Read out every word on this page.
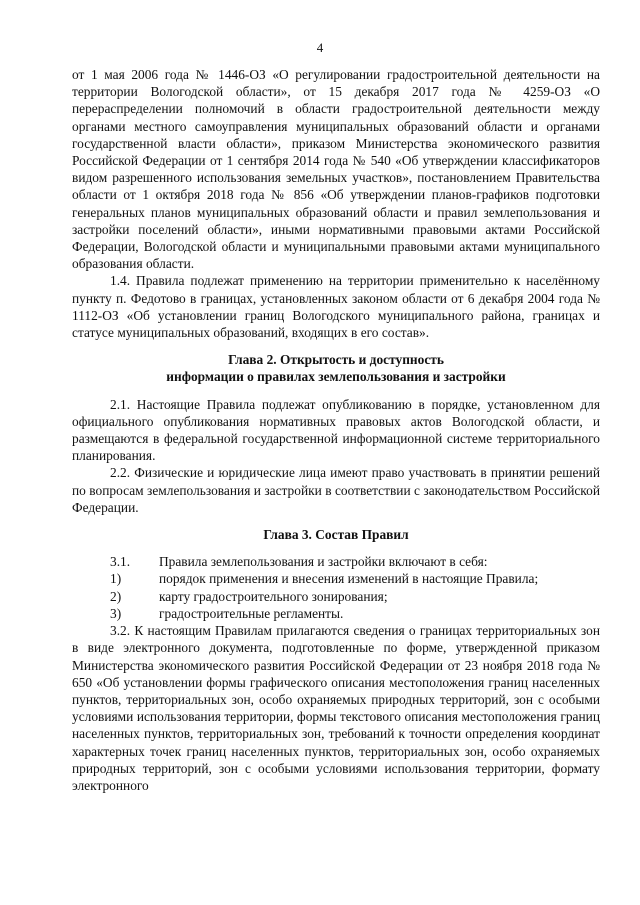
4

от 1 мая 2006 года № 1446-ОЗ «О регулировании градостроительной деятельности на территории Вологодской области», от 15 декабря 2017 года № 4259-ОЗ «О перераспределении полномочий в области градостроительной деятельности между органами местного самоуправления муниципальных образований области и органами государственной власти области», приказом Министерства экономического развития Российской Федерации от 1 сентября 2014 года № 540 «Об утверждении классификаторов видом разрешенного использования земельных участков», постановлением Правительства области от 1 октября 2018 года № 856 «Об утверждении планов-графиков подготовки генеральных планов муниципальных образований области и правил землепользования и застройки поселений области», иными нормативными правовыми актами Российской Федерации, Вологодской области и муниципальными правовыми актами муниципального образования области.

1.4. Правила подлежат применению на территории применительно к населённому пункту п. Федотово в границах, установленных законом области от 6 декабря 2004 года № 1112-ОЗ «Об установлении границ Вологодского муниципального района, границах и статусе муниципальных образований, входящих в его состав».

Глава 2. Открытость и доступность

информации о правилах землепользования и застройки

2.1. Настоящие Правила подлежат опубликованию в порядке, установленном для официального опубликования нормативных правовых актов Вологодской области, и размещаются в федеральной государственной информационной системе территориального планирования.

2.2. Физические и юридические лица имеют право участвовать в принятии решений по вопросам землепользования и застройки в соответствии с законодательством Российской Федерации.

Глава 3. Состав Правил

3.1.	Правила землепользования и застройки включают в себя:
1)	порядок применения и внесения изменений в настоящие Правила;
2)	карту градостроительного зонирования;
3)	градостроительные регламенты.

3.2. К настоящим Правилам прилагаются сведения о границах территориальных зон в виде электронного документа, подготовленные по форме, утвержденной приказом Министерства экономического развития Российской Федерации от 23 ноября 2018 года № 650 «Об установлении формы графического описания местоположения границ населенных пунктов, территориальных зон, особо охраняемых природных территорий, зон с особыми условиями использования территории, формы текстового описания местоположения границ населенных пунктов, территориальных зон, требований к точности определения координат характерных точек границ населенных пунктов, территориальных зон, особо охраняемых природных территорий, зон с особыми условиями использования территории, формату электронного
